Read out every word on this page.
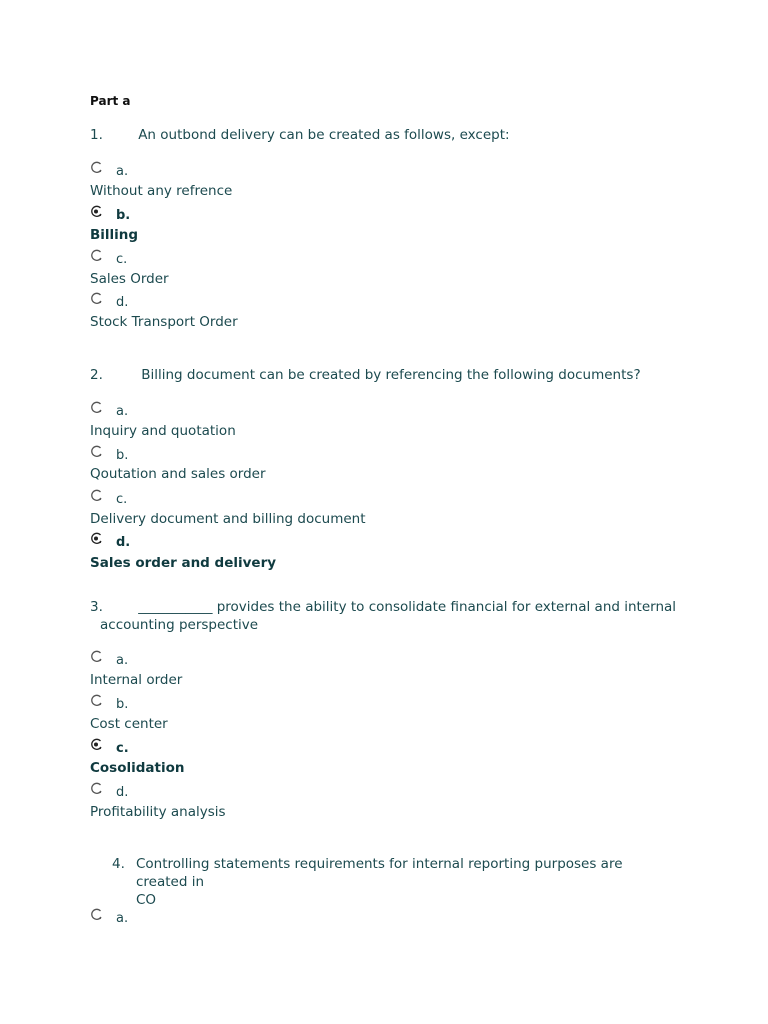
Part a
1.	An outbond delivery can be created as follows, except:
a.
Without any refrence
b.
Billing
c.
Sales Order
d.
Stock Transport Order
2.	Billing document can be created by referencing the following documents?
a.
Inquiry and quotation
b.
Qoutation and sales order
c.
Delivery document and billing document
d.
Sales order and delivery
3.	___________ provides the ability to consolidate financial for external and internal
accounting perspective
a.
Internal order
b.
Cost center
c.
Cosolidation
d.
Profitability analysis
4. Controlling statements requirements for internal reporting purposes are created in
CO
a.
